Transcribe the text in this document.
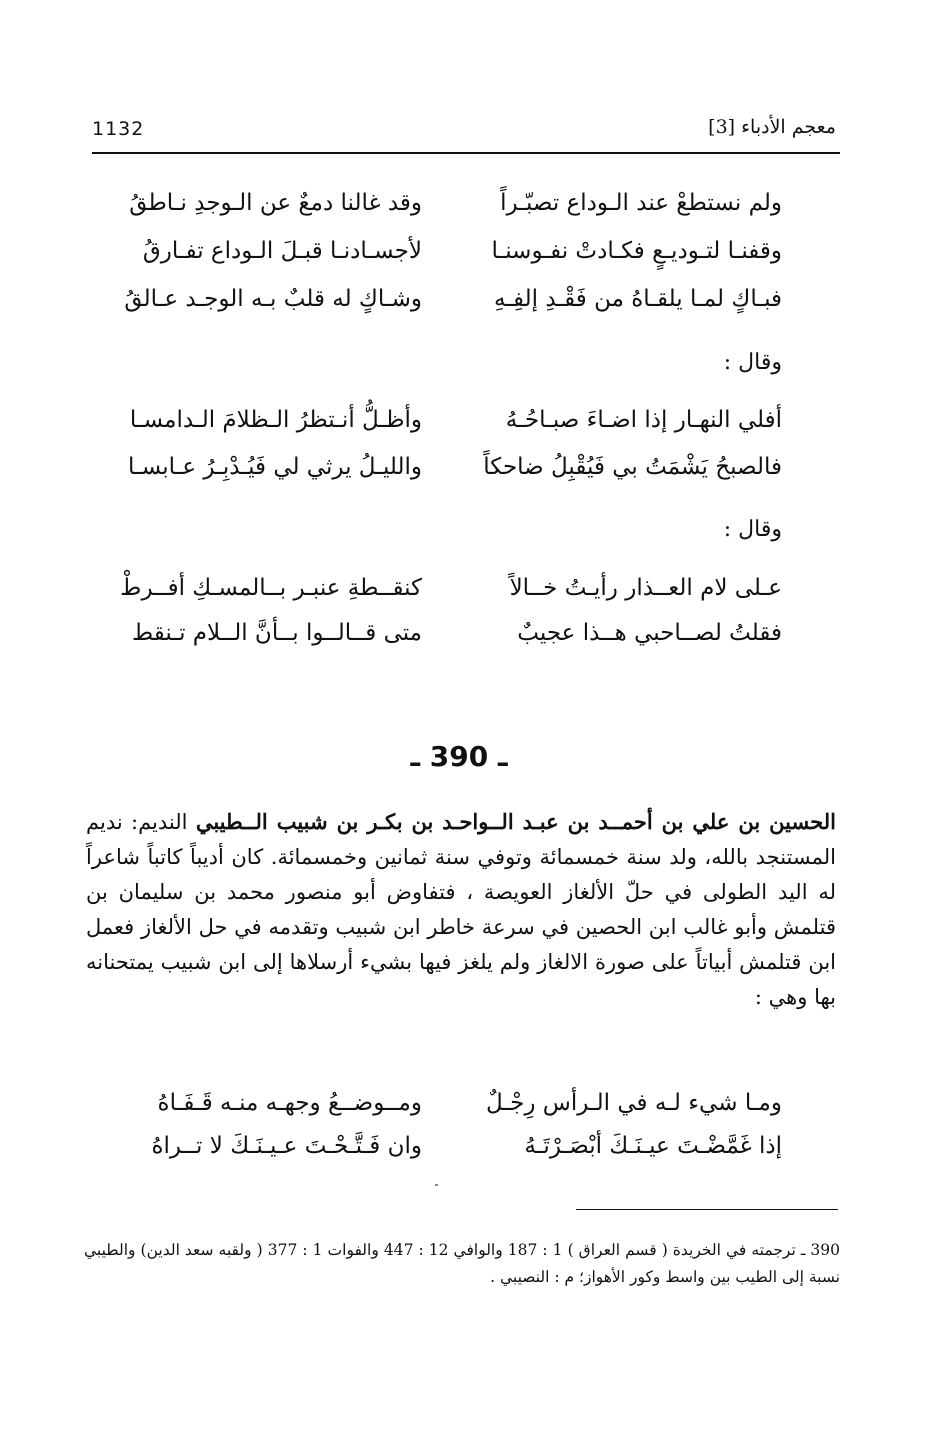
1132	معجم الأدباء [3]
ولم نستطعْ عند الـوداع تصبّـراً
وقد غالنا دمعٌ عن الـوجدِ نـاطقُ
وقفنـا لتـوديـعٍ فكـادتْ نفـوسنـا
لأجسـادنـا قبـلَ الـوداع تفـارقُ
فبـاكٍ لمـا يلقـاهُ من فَقْـدِ إلفِـهِ
وشـاكٍ له قلبٌ بـه الوجـد عـالقُ
وقال :
أفلي النهـار إذا اضـاءَ صبـاحُـهُ
وأظـلُّ أنـتظرُ الـظلامَ الـدامسـا
فالصبحُ يَشْمَتُ بي فَيُقْبِلُ ضاحكاً
والليـلُ يرثي لي فَيُـدْبِـرُ عـابسـا
وقال :
عـلى لام العــذار رأيـتُ خــالاً
كنقــطةِ عنبـر بــالمسـكِ أفــرطْ
فقلتُ لصــاحبي هــذا عجيبٌ
متى قــالــوا بــأنَّ الــلام تـنقط
ـ 390 ـ
الحسين بن علي بن أحمــد بن عبـد الــواحـد بن بكـر بن شبيب الــطيبي النديم: نديم المستنجد بالله، ولد سنة خمسمائة وتوفي سنة ثمانين وخمسمائة. كان أديباً كاتباً شاعراً له اليد الطولى في حلّ الألغاز العويصة ، فتفاوض أبو منصور محمد بن سليمان بن قتلمش وأبو غالب ابن الحصين في سرعة خاطر ابن شبيب وتقدمه في حل الألغاز فعمل ابن قتلمش أبياتاً على صورة الالغاز ولم يلغز فيها بشيء أرسلاها إلى ابن شبيب يمتحنانه بها وهي :
ومـا شيء لـه في الـرأس رِجْـلٌ
ومــوضــعُ وجهـه منـه قَـفَـاهُ
إذا غَمَّضْـتَ عيـنَـكَ أبْصَـرْتَـهُ
وان فَـتَّـحْـتَ عـيـنَـكَ لا تــراهُ
390 ـ ترجمته في الخريدة ( قسم العراق ) 1 : 187 والوافي 12 : 447 والفوات 1 : 377 ( ولقبه سعد الدين) والطيبي نسبة إلى الطيب بين واسط وكور الأهواز؛ م : النصيبي .
